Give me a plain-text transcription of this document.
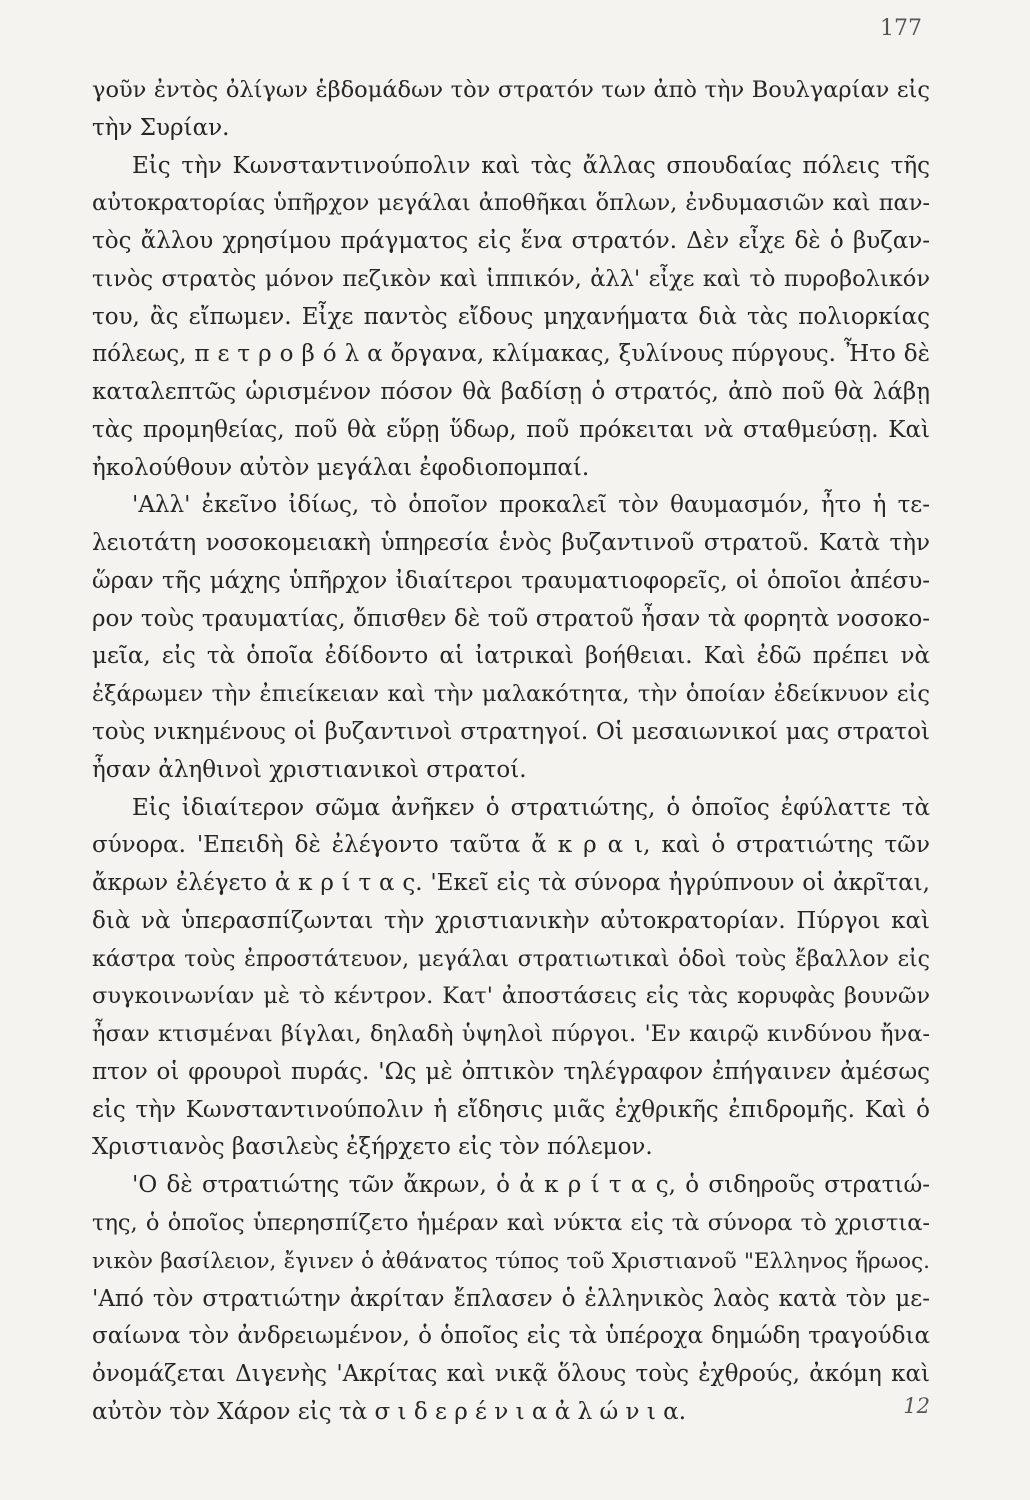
177
γοῦν ἐντὸς ὀλίγων ἑβδομάδων τὸν στρατόν των ἀπὸ τὴν Βουλγαρίαν εἰς
τὴν Συρίαν.
Εἰς τὴν Κωνσταντινούπολιν καὶ τὰς ἄλλας σπουδαίας πόλεις τῆς
αὐτοκρατορίας ὑπῆρχον μεγάλαι ἀποθῆκαι ὅπλων, ἐνδυμασιῶν καὶ παν-
τὸς ἄλλου χρησίμου πράγματος εἰς ἕνα στρατόν. Δὲν εἶχε δὲ ὁ βυζαν-
τινὸς στρατὸς μόνον πεζικὸν καὶ ἱππικόν, ἀλλ' εἶχε καὶ τὸ πυροβολικόν
του, ἂς εἴπωμεν. Εἶχε παντὸς εἴδους μηχανήματα διὰ τὰς πολιορκίας
πόλεως, π ε τ ρ ο β ό λ α ὄργανα, κλίμακας, ξυλίνους πύργους. Ἦτο δὲ
καταλεπτῶς ὡρισμένον πόσον θὰ βαδίσῃ ὁ στρατός, ἀπὸ ποῦ θὰ λάβῃ
τὰς προμηθείας, ποῦ θὰ εὕρῃ ὕδωρ, ποῦ πρόκειται νὰ σταθμεύσῃ. Καὶ
ἠκολούθουν αὐτὸν μεγάλαι ἐφοδιοπομπαί.
'Αλλ' ἐκεῖνο ἰδίως, τὸ ὁποῖον προκαλεῖ τὸν θαυμασμόν, ἦτο ἡ τε-
λειοτάτη νοσοκομειακὴ ὑπηρεσία ἑνὸς βυζαντινοῦ στρατοῦ. Κατὰ τὴν
ὥραν τῆς μάχης ὑπῆρχον ἰδιαίτεροι τραυματιοφορεῖς, οἱ ὁποῖοι ἀπέσυ-
ρον τοὺς τραυματίας, ὄπισθεν δὲ τοῦ στρατοῦ ἦσαν τὰ φορητὰ νοσοκο-
μεῖα, εἰς τὰ ὁποῖα ἐδίδοντο αἱ ἰατρικαὶ βοήθειαι. Καὶ ἐδῶ πρέπει νὰ
ἐξάρωμεν τὴν ἐπιείκειαν καὶ τὴν μαλακότητα, τὴν ὁποίαν ἐδείκνυον εἰς
τοὺς νικημένους οἱ βυζαντινοὶ στρατηγοί. Οἱ μεσαιωνικοί μας στρατοὶ
ἦσαν ἀληθινοὶ χριστιανικοὶ στρατοί.
Εἰς ἰδιαίτερον σῶμα ἀνῆκεν ὁ στρατιώτης, ὁ ὁποῖος ἐφύλαττε τὰ
σύνορα. 'Επειδὴ δὲ ἐλέγοντο ταῦτα ἄ κ ρ α ι, καὶ ὁ στρατιώτης τῶν
ἄκρων ἐλέγετο ἀ κ ρ ί τ α ς. 'Εκεῖ εἰς τὰ σύνορα ἠγρύπνουν οἱ ἀκρῖται,
διὰ νὰ ὑπερασπίζωνται τὴν χριστιανικὴν αὐτοκρατορίαν. Πύργοι καὶ
κάστρα τοὺς ἐπροστάτευον, μεγάλαι στρατιωτικαὶ ὁδοὶ τοὺς ἔβαλλον εἰς
συγκοινωνίαν μὲ τὸ κέντρον. Κατ' ἀποστάσεις εἰς τὰς κορυφὰς βουνῶν
ἦσαν κτισμέναι βίγλαι, δηλαδὴ ὑψηλοὶ πύργοι. 'Εν καιρῷ κινδύνου ἤνα-
πτον οἱ φρουροὶ πυράς. 'Ως μὲ ὀπτικὸν τηλέγραφον ἐπήγαινεν ἀμέσως
εἰς τὴν Κωνσταντινούπολιν ἡ εἴδησις μιᾶς ἐχθρικῆς ἐπιδρομῆς. Καὶ ὁ
Χριστιανὸς βασιλεὺς ἐξήρχετο εἰς τὸν πόλεμον.
'Ο δὲ στρατιώτης τῶν ἄκρων, ὁ ἀ κ ρ ί τ α ς, ὁ σιδηροῦς στρατιώ-
της, ὁ ὁποῖος ὑπερησπίζετο ἡμέραν καὶ νύκτα εἰς τὰ σύνορα τὸ χριστια-
νικὸν βασίλειον, ἔγινεν ὁ ἀθάνατος τύπος τοῦ Χριστιανοῦ "Ελληνος ἥρωος.
'Από τὸν στρατιώτην ἀκρίταν ἔπλασεν ὁ ἑλληνικὸς λαὸς κατὰ τὸν με-
σαίωνα τὸν ἀνδρειωμένον, ὁ ὁποῖος εἰς τὰ ὑπέροχα δημώδη τραγούδια
ὀνομάζεται Διγενὴς 'Ακρίτας καὶ νικᾷ ὅλους τοὺς ἐχθρούς, ἀκόμη καὶ
αὐτὸν τὸν Χάρον εἰς τὰ σ ι δ ε ρ έ ν ι α ἀ λ ώ ν ι α.	12
